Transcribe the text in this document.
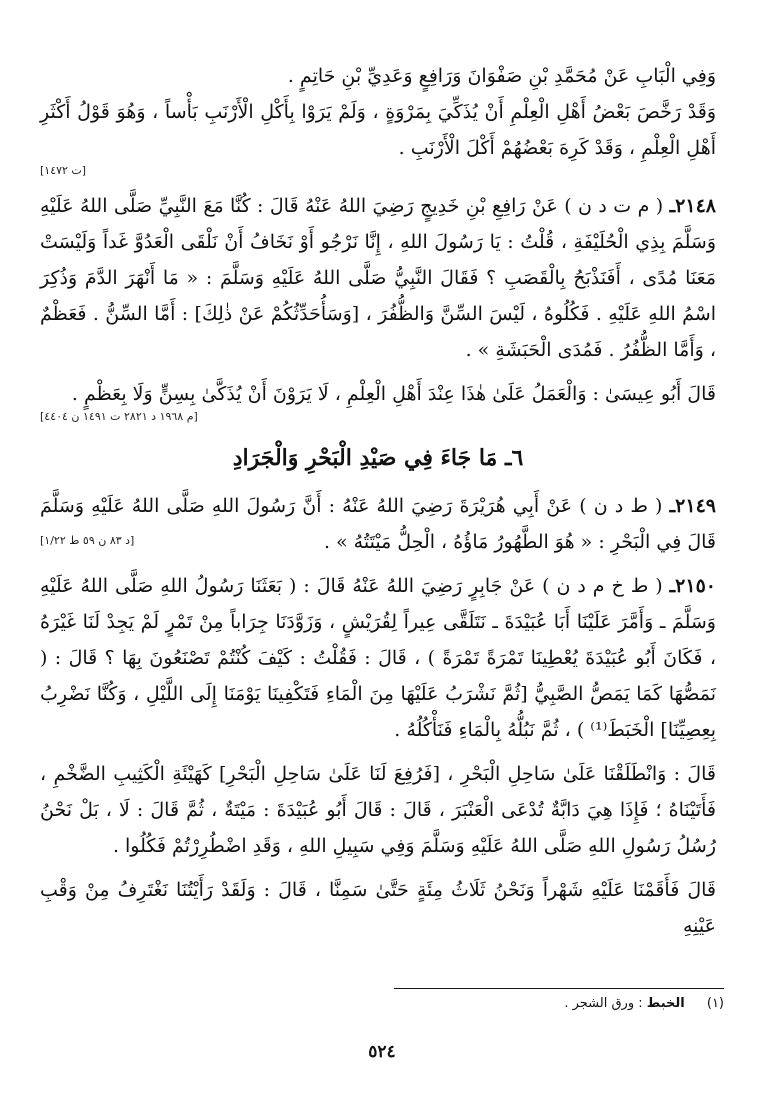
وَفِي الْبَابِ عَنْ مُحَمَّدِ بْنِ صَفْوَانَ وَرَافِعٍ وَعَدِيِّ بْنِ حَاتِمٍ .

وَقَدْ رَخَّصَ بَعْضُ أَهْلِ الْعِلْمِ أَنْ يُذَكِّيَ بِمَرْوَةٍ ، وَلَمْ يَرَوْا بِأَكْلِ الْأَرْنَبِ بَأْساً ، وَهُوَ قَوْلُ أَكْثَرِ أَهْلِ الْعِلْمِ ، وَقَدْ كَرِهَ بَعْضُهُمْ أَكْلَ الْأَرْنَبِ .

[ت ١٤٧٢]

٢١٤٨ـ ( م ت د ن ) عَنْ رَافِعِ بْنِ خَدِيجٍ رَضِيَ اللهُ عَنْهُ قَالَ : كُنَّا مَعَ النَّبِيِّ صَلَّى اللهُ عَلَيْهِ وَسَلَّمَ بِذِي الْحُلَيْفَةِ ، قُلْتُ : يَا رَسُولَ اللهِ ، إِنَّا نَرْجُو أَوْ نَخَافُ أَنْ نَلْقَى الْعَدُوَّ غَداً وَلَيْسَتْ مَعَنَا مُدًى ، أَفَنَذْبَحُ بِالْقَصَبِ ؟ فَقَالَ النَّبِيُّ صَلَّى اللهُ عَلَيْهِ وَسَلَّمَ : « مَا أَنْهَرَ الدَّمَ وَذُكِرَ اسْمُ اللهِ عَلَيْهِ . فَكُلُوهُ ، لَيْسَ السِّنَّ وَالظُّفُرَ ، [وَسَأُحَدِّثُكُمْ عَنْ ذٰلِكَ] : أَمَّا السِّنُّ . فَعَظْمٌ ، وَأَمَّا الظُّفُرُ . فَمُدَى الْحَبَشَةِ » .

قَالَ أَبُو عِيسَىٰ : وَالْعَمَلُ عَلَىٰ هٰذَا عِنْدَ أَهْلِ الْعِلْمِ ، لَا يَرَوْنَ أَنْ يُذَكَّىٰ بِسِنٍّ وَلَا بِعَظْمٍ .

[م ١٩٦٨ د ٢٨٢١ ت ١٤٩١ ن ٤٤٠٤]
٦ـ مَا جَاءَ فِي صَيْدِ الْبَحْرِ وَالْجَرَادِ

٢١٤٩ـ ( ط د ن ) عَنْ أَبِي هُرَيْرَةَ رَضِيَ اللهُ عَنْهُ : أَنَّ رَسُولَ اللهِ صَلَّى اللهُ عَلَيْهِ وَسَلَّمَ قَالَ فِي الْبَحْرِ : « هُوَ الطَّهُورُ مَاؤُهُ ، الْحِلُّ مَيْتَتُهُ » .
[د ٨٣ ن ٥٩ ط ١/٢٢]

٢١٥٠ـ ( ط خ م د ن ) عَنْ جَابِرٍ رَضِيَ اللهُ عَنْهُ قَالَ : ( بَعَثَنَا رَسُولُ اللهِ صَلَّى اللهُ عَلَيْهِ وَسَلَّمَ ـ وَأَمَّرَ عَلَيْنَا أَبَا عُبَيْدَةَ ـ نَتَلَقَّى عِيراً لِقُرَيْشٍ ، وَزَوَّدَنَا جِرَاباً مِنْ تَمْرٍ لَمْ يَجِدْ لَنَا غَيْرَهُ ، فَكَانَ أَبُو عُبَيْدَةَ يُعْطِينَا تَمْرَةً تَمْرَةً ) ، قَالَ : فَقُلْتُ : كَيْفَ كُنْتُمْ تَصْنَعُونَ بِهَا ؟ قَالَ : ( نَمَصُّهَا كَمَا يَمَصُّ الصَّبِيُّ [ثُمَّ نَشْرَبُ عَلَيْهَا مِنَ الْمَاءِ فَتَكْفِينَا يَوْمَنَا إِلَى اللَّيْلِ ، وَكُنَّا نَضْرِبُ بِعِصِيِّنَا] الْخَبَطَ⁽¹⁾ ) ، ثُمَّ نَبُلُّهُ بِالْمَاءِ فَنَأْكُلُهُ .

قَالَ : وَانْطَلَقْنَا عَلَىٰ سَاحِلِ الْبَحْرِ ، [فَرُفِعَ لَنَا عَلَىٰ سَاحِلِ الْبَحْرِ] كَهَيْئَةِ الْكَثِيبِ الضَّخْمِ ، فَأَتَيْنَاهُ ؛ فَإِذَا هِيَ دَابَّةٌ تُدْعَى الْعَنْبَرَ ، قَالَ : قَالَ أَبُو عُبَيْدَةَ : مَيْتَةٌ ، ثُمَّ قَالَ : لَا ، بَلْ نَحْنُ رُسُلُ رَسُولِ اللهِ صَلَّى اللهُ عَلَيْهِ وَسَلَّمَ وَفِي سَبِيلِ اللهِ ، وَقَدِ اضْطُرِرْتُمْ فَكُلُوا .

قَالَ فَأَقَمْنَا عَلَيْهِ شَهْراً وَنَحْنُ ثَلَاثُ مِئَةٍ حَتَّىٰ سَمِنَّا ، قَالَ : وَلَقَدْ رَأَيْتُنَا نَغْتَرِفُ مِنْ وَقْبِ عَيْنِهِ

(١) الخبط : ورق الشجر .
٥٢٤
